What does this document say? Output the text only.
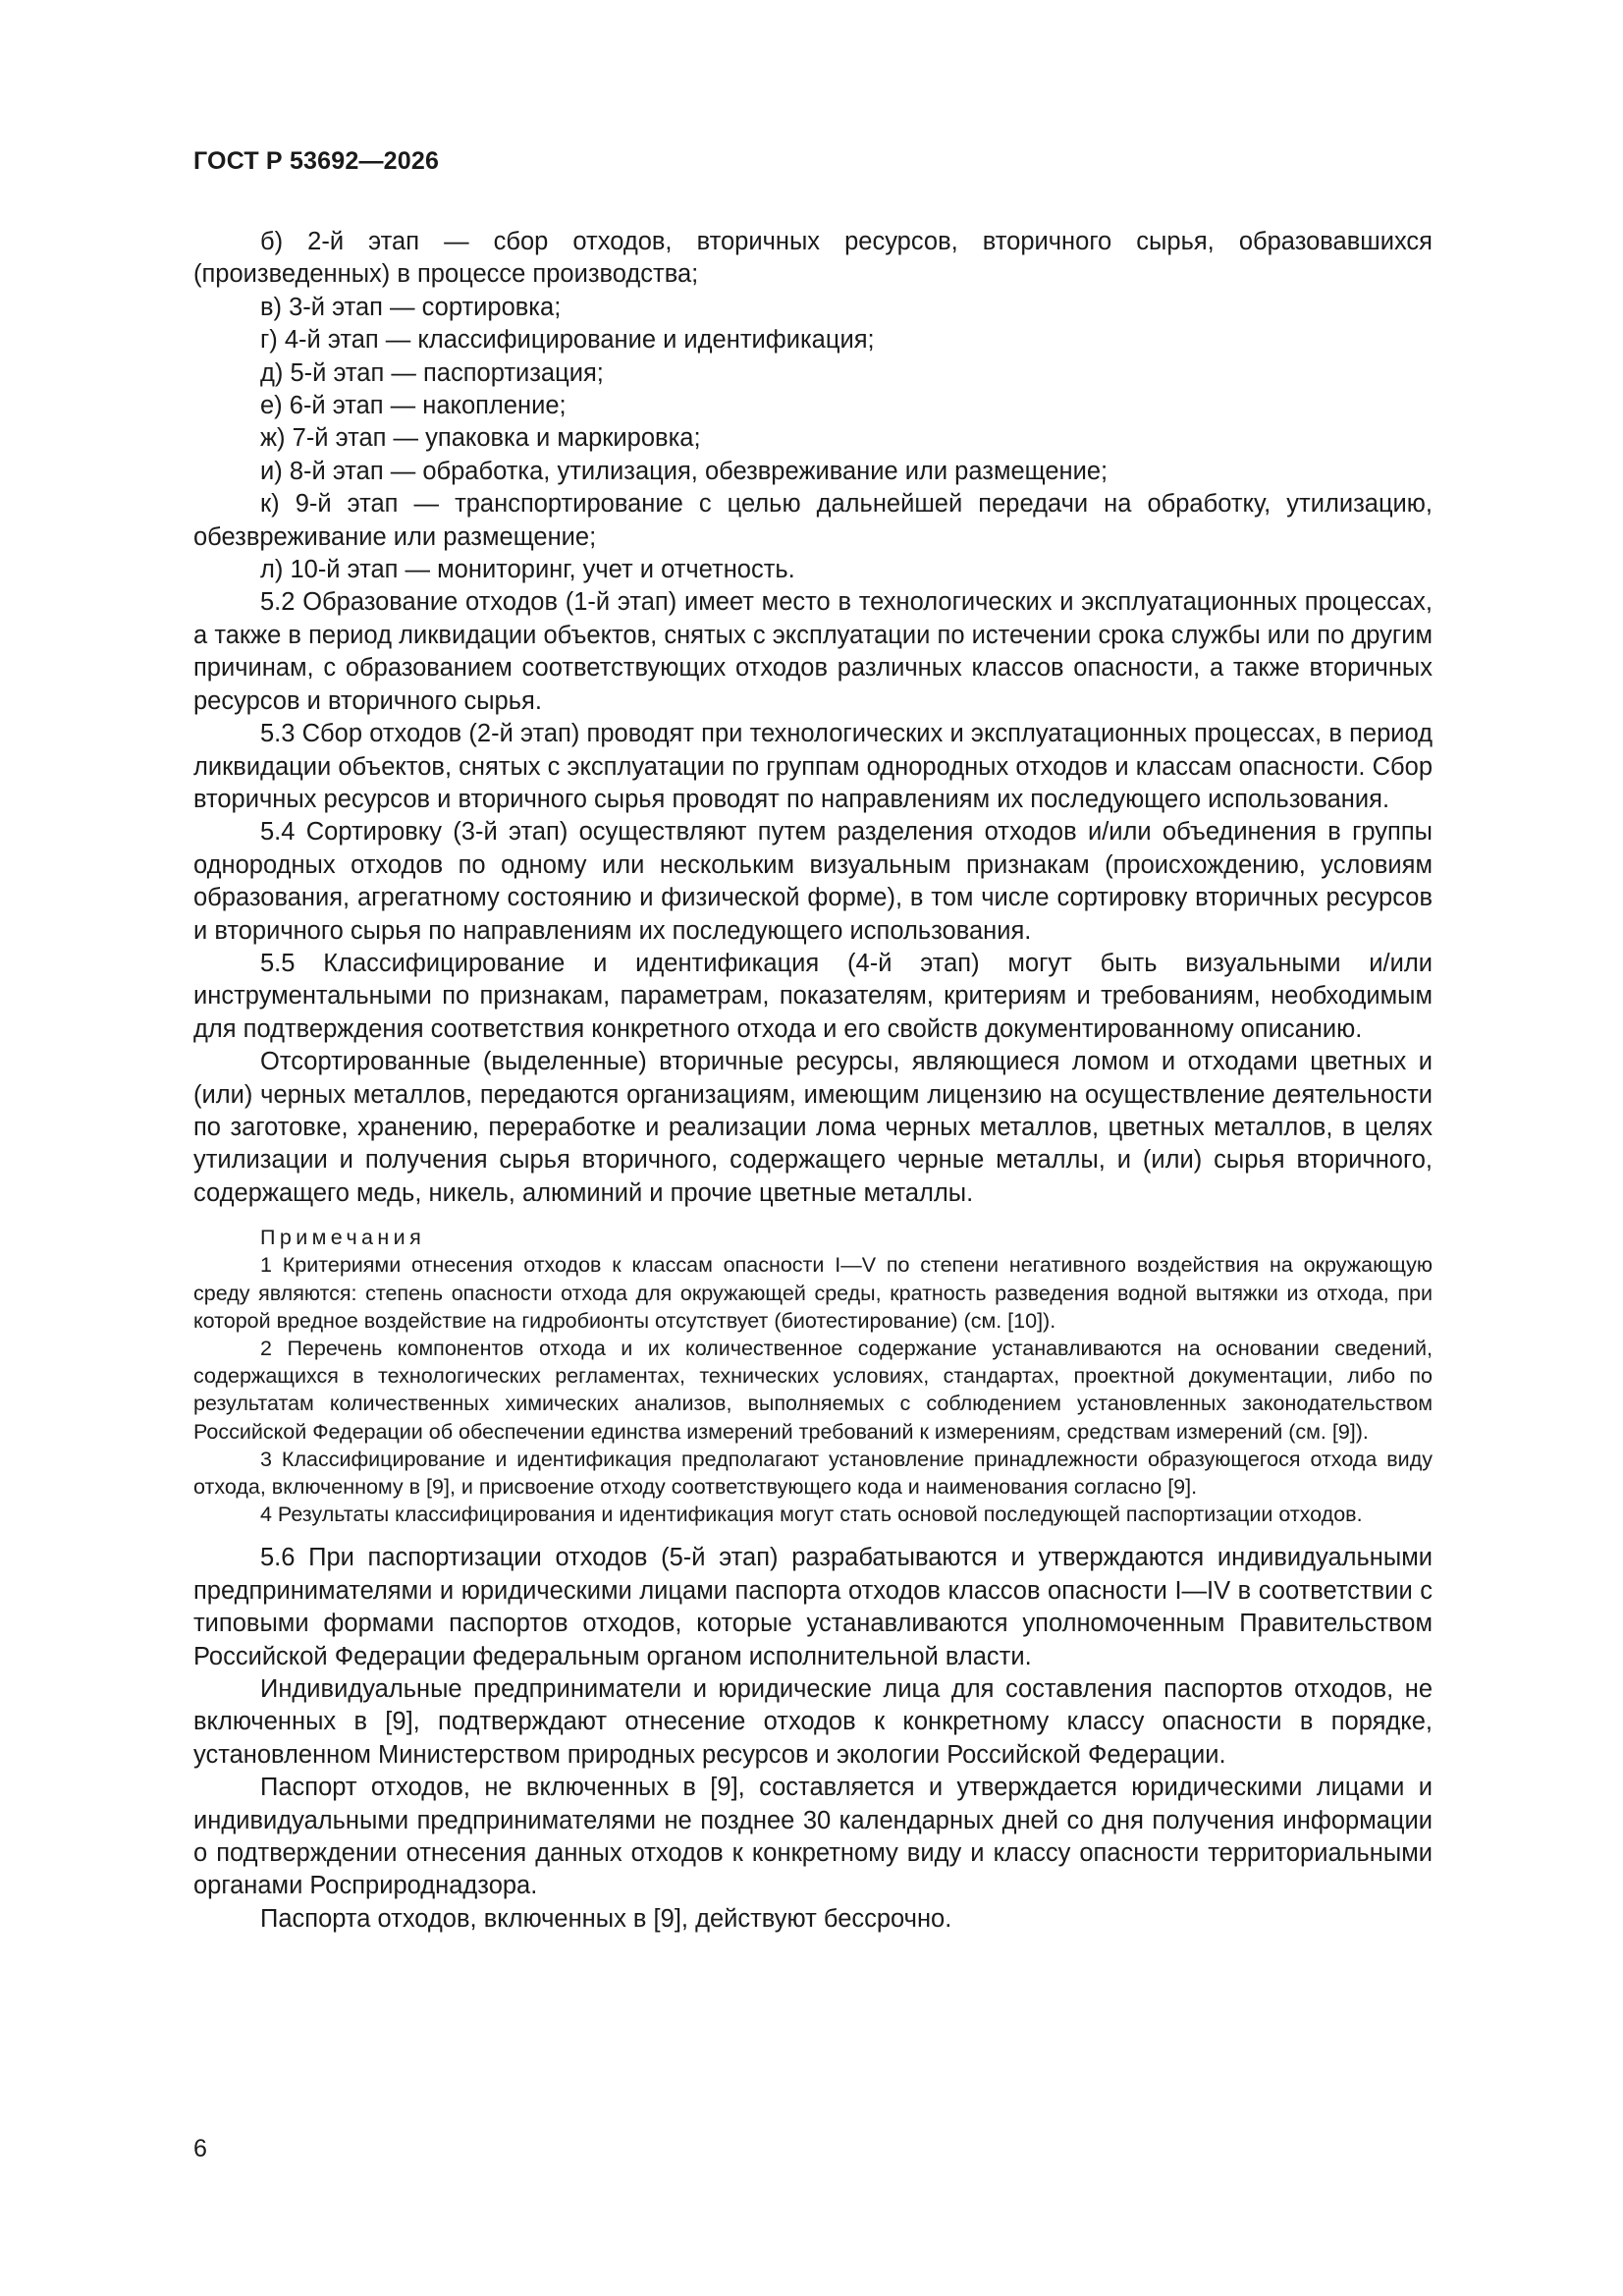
ГОСТ Р 53692—2026

б) 2-й этап — сбор отходов, вторичных ресурсов, вторичного сырья, образовавшихся (произведенных) в процессе производства;

в) 3-й этап — сортировка;

г) 4-й этап — классифицирование и идентификация;

д) 5-й этап — паспортизация;

е) 6-й этап — накопление;

ж) 7-й этап — упаковка и маркировка;

и) 8-й этап — обработка, утилизация, обезвреживание или размещение;

к) 9-й этап — транспортирование с целью дальнейшей передачи на обработку, утилизацию, обезвреживание или размещение;

л) 10-й этап — мониторинг, учет и отчетность.

5.2 Образование отходов (1-й этап) имеет место в технологических и эксплуатационных процессах, а также в период ликвидации объектов, снятых с эксплуатации по истечении срока службы или по другим причинам, с образованием соответствующих отходов различных классов опасности, а также вторичных ресурсов и вторичного сырья.

5.3 Сбор отходов (2-й этап) проводят при технологических и эксплуатационных процессах, в период ликвидации объектов, снятых с эксплуатации по группам однородных отходов и классам опасности. Сбор вторичных ресурсов и вторичного сырья проводят по направлениям их последующего использования.

5.4 Сортировку (3-й этап) осуществляют путем разделения отходов и/или объединения в группы однородных отходов по одному или нескольким визуальным признакам (происхождению, условиям образования, агрегатному состоянию и физической форме), в том числе сортировку вторичных ресурсов и вторичного сырья по направлениям их последующего использования.

5.5 Классифицирование и идентификация (4-й этап) могут быть визуальными и/или инструментальными по признакам, параметрам, показателям, критериям и требованиям, необходимым для подтверждения соответствия конкретного отхода и его свойств документированному описанию.

Отсортированные (выделенные) вторичные ресурсы, являющиеся ломом и отходами цветных и (или) черных металлов, передаются организациям, имеющим лицензию на осуществление деятельности по заготовке, хранению, переработке и реализации лома черных металлов, цветных металлов, в целях утилизации и получения сырья вторичного, содержащего черные металлы, и (или) сырья вторичного, содержащего медь, никель, алюминий и прочие цветные металлы.

Примечания

1 Критериями отнесения отходов к классам опасности I—V по степени негативного воздействия на окружающую среду являются: степень опасности отхода для окружающей среды, кратность разведения водной вытяжки из отхода, при которой вредное воздействие на гидробионты отсутствует (биотестирование) (см. [10]).

2 Перечень компонентов отхода и их количественное содержание устанавливаются на основании сведений, содержащихся в технологических регламентах, технических условиях, стандартах, проектной документации, либо по результатам количественных химических анализов, выполняемых с соблюдением установленных законодательством Российской Федерации об обеспечении единства измерений требований к измерениям, средствам измерений (см. [9]).

3 Классифицирование и идентификация предполагают установление принадлежности образующегося отхода виду отхода, включенному в [9], и присвоение отходу соответствующего кода и наименования согласно [9].

4 Результаты классифицирования и идентификация могут стать основой последующей паспортизации отходов.

5.6 При паспортизации отходов (5-й этап) разрабатываются и утверждаются индивидуальными предпринимателями и юридическими лицами паспорта отходов классов опасности I—IV в соответствии с типовыми формами паспортов отходов, которые устанавливаются уполномоченным Правительством Российской Федерации федеральным органом исполнительной власти.

Индивидуальные предприниматели и юридические лица для составления паспортов отходов, не включенных в [9], подтверждают отнесение отходов к конкретному классу опасности в порядке, установленном Министерством природных ресурсов и экологии Российской Федерации.

Паспорт отходов, не включенных в [9], составляется и утверждается юридическими лицами и индивидуальными предпринимателями не позднее 30 календарных дней со дня получения информации о подтверждении отнесения данных отходов к конкретному виду и классу опасности территориальными органами Росприроднадзора.

Паспорта отходов, включенных в [9], действуют бессрочно.

6
